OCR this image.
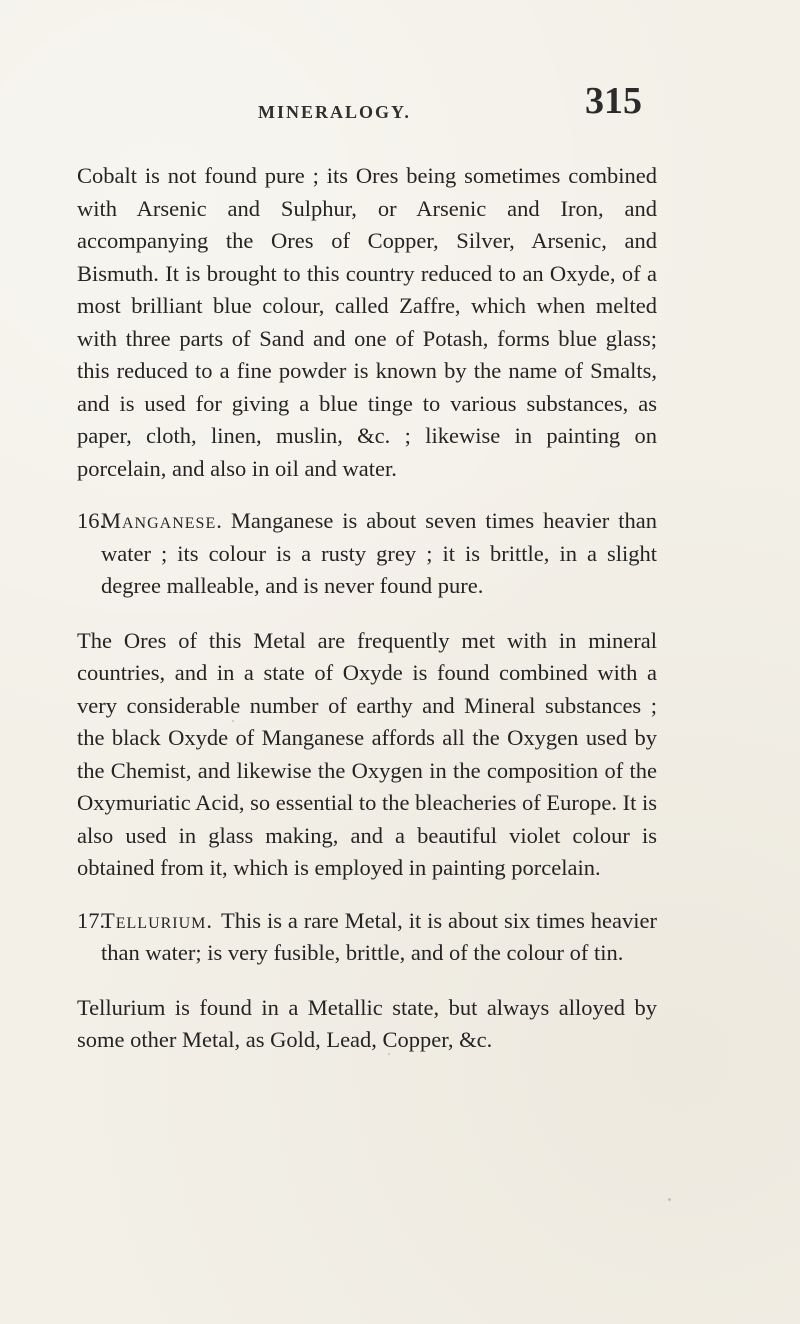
MINERALOGY.	315

Cobalt is not found pure ; its Ores being sometimes combined with Arsenic and Sulphur, or Arsenic and Iron, and accompanying the Ores of Copper, Silver, Arsenic, and Bismuth. It is brought to this country reduced to an Oxyde, of a most brilliant blue colour, called Zaffre, which when melted with three parts of Sand and one of Potash, forms blue glass; this reduced to a fine powder is known by the name of Smalts, and is used for giving a blue tinge to various substances, as paper, cloth, linen, muslin, &c. ; likewise in painting on porcelain, and also in oil and water.

16.
Manganese. Manganese is about seven times heavier than water ; its colour is a rusty grey ; it is brittle, in a slight degree malleable, and is never found pure.

The Ores of this Metal are frequently met with in mineral countries, and in a state of Oxyde is found combined with a very considerable number of earthy and Mineral substances ; the black Oxyde of Manganese affords all the Oxygen used by the Chemist, and likewise the Oxygen in the composition of the Oxymuriatic Acid, so essential to the bleacheries of Europe. It is also used in glass making, and a beautiful violet colour is obtained from it, which is employed in painting porcelain.

17.
Tellurium. This is a rare Metal, it is about six times heavier than water; is very fusible, brittle, and of the colour of tin.

Tellurium is found in a Metallic state, but always alloyed by some other Metal, as Gold, Lead, Copper, &c.
